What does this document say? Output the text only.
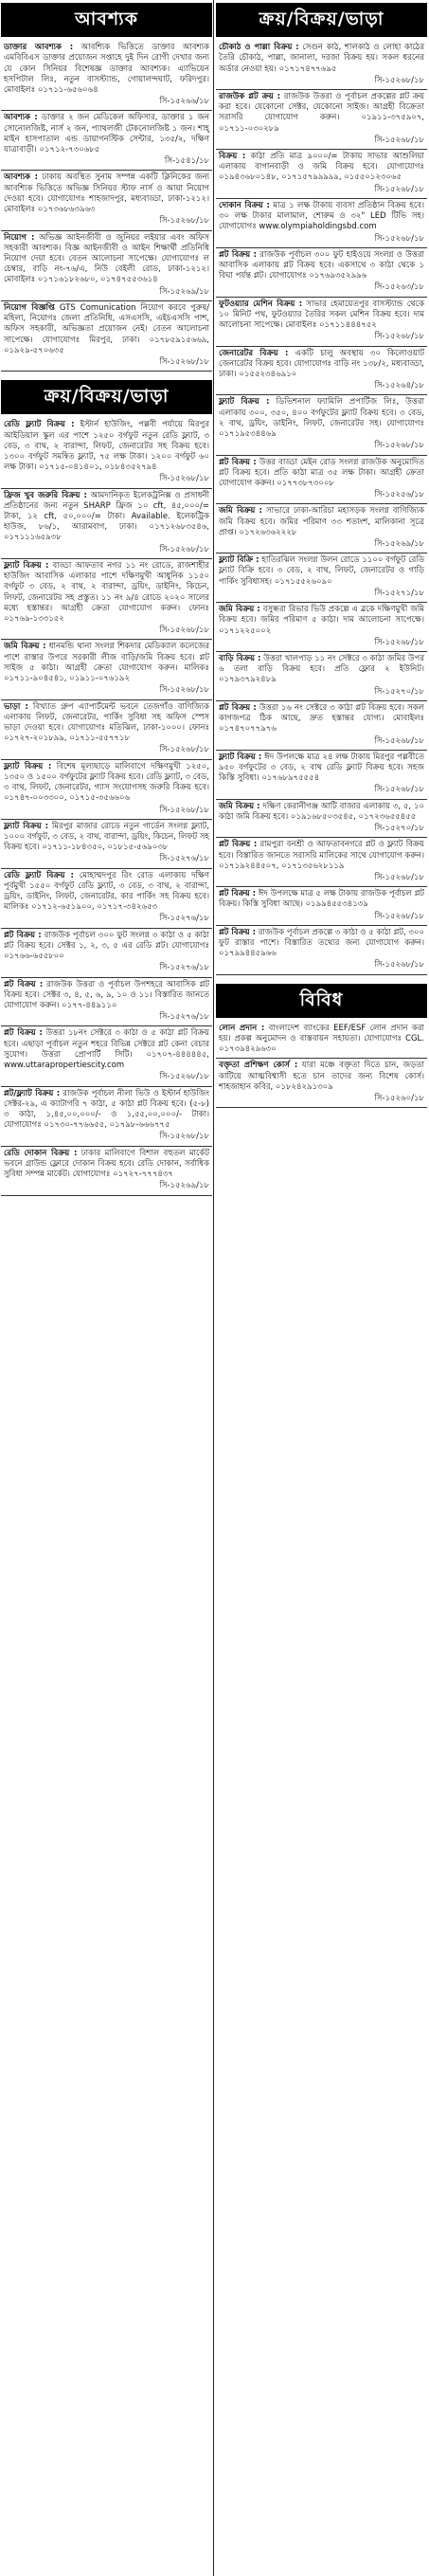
আবশ্যক
ডাক্তার আবশ্যক : আবশ্যিক ভিত্তিতে ডাক্তার আবশ্যক এমবিবিএস ডাক্তার প্রয়োজন সপ্তাহে দুই দিন রোগী দেখার জন্য যে কোন সিনিয়র বিশেষজ্ঞ ডাক্তার আবশ্যক। এ্যাভিয়েন হসপিটাল লিঃ, নতুন বাসস্ট্যান্ড, গোয়ালন্দঘাট, ফরিদপুর। মোবাইলঃ ০১৭১১-৬৫৬০৬৪
সি-১৫২৬৬/১৮
আবশ্যক : ডাক্তার ২ জন মেডিকেল অফিসার, ডাক্তার ১ জন সোনোলজিষ্ট, নার্স ২ জন, প্যাথলজী টেকনোলজিষ্ট ১ জন। শাহ্ মাইন হাসপাতাল এন্ড ডায়াগনস্টিক সেন্টার, ১৩৫/২, দক্ষিণ যাত্রাবাড়ী। ০১৭১২-৭৩০৬৮৫
সি-১৫৪১/১৮
আবশ্যক : ঢাকায় অবস্থিত সুনাম সম্পন্ন একটি ক্লিনিকের জন্য আবশ্যিক ভিত্তিতে অভিজ্ঞ সিনিয়র স্টাফ নার্স ও আয়া নিয়োগ দেওয়া হবে। যোগাযোগঃ শাহজাদপুর, মধ্যবাড্ডা, ঢাকা-১২১২। মোবাইলঃ ০১৭৩৬৮৬৩৯৬৩
সি-১৫২৬৮/১৮
নিয়োগ : অভিজ্ঞ আইনজীবী ও জুনিয়র লইয়ার এবং অফিস সহকারী আবশ্যক। বিজ্ঞ আইনজীবী ও আইন শিক্ষার্থী প্রতিনিধি নিয়োগ দেয়া হবে। বেতন আলোচনা সাপেক্ষে। যোগাযোগঃ ল চেম্বার, বাড়ি নং-৭৬/এ, নিউ বেইলী রোড, ঢাকা-১২১২। মোবাইলঃ ০১৭১৬১৮২৬৮০, ০১৭৪৭৫৫৩৬১৪
সি-১৫২৬৯/১৮
নিয়োগ বিজ্ঞপ্তি GTS Comunication নিয়োগ করবে পুরুষ/মহিলা, নিয়োগঃ জেলা প্রতিনিধি, এসএসসি, এইচএসসি পাশ, অফিস সহকারী, অভিজ্ঞতা প্রয়োজন নেই। বেতন আলোচনা সাপেক্ষে। যোগাযোগঃ মিরপুর, ঢাকা। ০১৭৮৫৯১৫৬৬৯, ০১৯২৯-৫৭০৬৩৫
সি-১৫২৬৮/১৮
ক্রয়/বিক্রয়/ভাড়া
রেডি ফ্ল্যাট বিক্রয় : ইস্টার্ন হাউজিং, পল্লবী পর্যায়ে মিরপুর আইডিয়াল স্কুল এর পাশে ১২৫০ বর্গফুট নতুন রেডি ফ্ল্যাট, ৩ বেড, ৩ বাথ, ২ বারান্দা, লিফট, জেনারেটর সহ বিক্রয় হবে। ১৩০০ বর্গফুট সমন্বিত ফ্ল্যাট, ৭৫ লক্ষ টাকা। ১২০০ বর্গফুট ৬০ লক্ষ টাকা। ০১৭১৫-০৪১৪০১, ০১৮৪৩৫২৭৯৪
সি-১৫২৬৮/১৮
ফ্রিজ খুব জরুরি বিক্রয় : আমদানিকৃত ইলেকট্রনিক্স ও প্রসাধনী প্রতিষ্ঠানের জন্য নতুন SHARP ফ্রিজ ১০ cft, ৪৫,০০০/= টাকা, ১২ cft, ৫০,০০০/= টাকা। Available. ইলেকট্রিক হাউজ, ৮৬/১, আরামবাগ, ঢাকা। ০১৭১২৬৮৩৫৪৬, ০১৭১১১৬৫৯৩৮
সি-১৫২৬৮/১৮
ফ্ল্যাট বিক্রয় : বাড্ডা আফতাব নগর ১১ নং রোডে, রাজশাহীর হাউজিং আবাসিক এলাকার পাশে দক্ষিণমুখী আধুনিক ১১৫০ বর্গফুট ৩ বেড, ২ বাথ, ২ বারান্দা, ড্রয়িং, ডাইনিং, কিচেন, লিফট, জেনারেটর সহ প্রস্তুত। ১১ নং ৯/৪ রোডে ২০২০ সালের মধ্যে হস্তান্তর। আগ্রহী ক্রেতা যোগাযোগ করুন। ফোনঃ ০১৭৬৯-১৩৩১৫২
সি-১৫২৬৮/১৮
জমি বিক্রয় : ধানমন্ডি থানা সংলগ্ন শিকদার মেডিক্যাল কলেজের পাশে রাস্তার উপরে সরকারী লীজ বাড়ি/জমি বিক্রয় হবে। প্লট সাইজ ৫ কাঠা। আগ্রহী ক্রেতা যোগাযোগ করুন। মালিকঃ ০১৭১১-৯০৪৫৪১, ০১৯১১-০৭৬১৯২
সি-১৫২৬৮/১৮
ভাড়া : বিখ্যাত গ্রুপ এ্যাপার্টমেন্ট ভবনে তেজগাঁও বাণিজ্যিক এলাকায় লিফট, জেনারেটর, পার্কিং সুবিধা সহ অফিস স্পেস ভাড়া দেওয়া হবে। যোগাযোগঃ মতিঝিল, ঢাকা-১০০০। ফোনঃ ০১৭২৭-২০১৮৯৯, ০১৭১১-৫৫৭৭১৮
সি-১৫২৬৮/১৮
ফ্ল্যাট বিক্রয় : বিশেষ মূল্যছাড়ে মালিবাগে দক্ষিণমুখী ১২৫০, ১৩৫০ ও ১৫০০ বর্গফুটের ফ্ল্যাট বিক্রয় হবে। রেডি ফ্ল্যাট, ৩ বেড, ৩ বাথ, লিফট, জেনারেটর, গ্যাস সংযোগসহ জরুরি বিক্রয় হবে। ০১৭৪৭-০০৩৩০০, ০১৭১৫-৩৫৬৬০৬
সি-১৫২৬৮/১৮
ফ্ল্যাট বিক্রয় : মিরপুর মাজার রোডে নতুন গার্ডেন সংলগ্ন ফ্ল্যাট, ১০০০ বর্গফুট, ৩ বেড, ২ বাথ, বারান্দা, ড্রয়িং, কিচেন, লিফট সহ বিক্রয় হবে। ০১৭১১-১৮৪৩৫০, ০১৮১৫-৫৬৯০৩৮
সি-১৫২৭৬/১৮
রেডি ফ্ল্যাট বিক্রয় : মোহাম্মদপুর রিং রোড এলাকায় দক্ষিণ পূর্বমুখী ১৫৫০ বর্গফুট রেডি ফ্ল্যাট, ৩ বেড, ৩ বাথ, ২ বারান্দা, ড্রয়িং, ডাইনিং, লিফট, জেনারেটর, কার পার্কিং সহ বিক্রয় হবে। মালিকঃ ০১৭১২-৬৫১৯০০, ০১৭১৭-৩৪২৬৫৩
সি-১৫২৭৬/১৮
প্লট বিক্রয় : রাজউক পূর্বাচল ৩০০ ফুট সংলগ্ন ৩ কাঠা ও ৫ কাঠা প্লট বিক্রয় হবে। সেক্টর ১, ২, ৩, ৫ এর রেডি প্লট। যোগাযোগঃ ০১৭৬৬-৬৫৫৮০০
সি-১৫২৭৬/১৮
প্লট বিক্রয় : রাজউক উত্তরা ও পূর্বাচল উপশহরে আবাসিক প্লট বিক্রয় হবে। সেক্টর ৩, ৪, ৫, ৬, ৯, ১০ ও ১১। বিস্তারিত জানতে যোগাযোগ করুন। ০১৭৭-৪৪৯১১০
সি-১৫২৭৬/১৮
প্লট বিক্রয় : উত্তরা ১৮নং সেক্টরে ৩ কাঠা ও ৫ কাঠা প্লট বিক্রয় হবে। এছাড়া পূর্বাচল নতুন শহরে বিভিন্ন সেক্টরে প্লট কেনা বেচার সুযোগ। উত্তরা প্রোপার্টি সিটি। ০১৭০৭-৪৪৪৪৪৫, www.uttarapropertiescity.com
সি-১৫২৬৮/১৮
প্লট/ফ্ল্যাট বিক্রয় : রাজউক পূর্বাচল নীলা ভিউ ও ইস্টার্ন হাউজিং সেক্টর-২৯, এ ক্যাটাগরি ৭ কাঠা, ৫ কাঠা প্লট বিক্রয় হবে। (৫-৮) ৩ কাঠা, ১,৪৫,০০,০০০/- ও ১,৫৫,০০,০০০/- টাকা। যোগাযোগঃ ০১৭৩০-৭৭৬৬৫৫, ০১৭৯৮-৬৬৬৭৭৫
সি-১৫২৬৮/১৮
রেডি দোকান বিক্রয় : ঢাকার মালিবাগে বিশাল বহুতল মার্কেট ভবনে গ্রাউন্ড ফ্লোরে দোকান বিক্রয় হবে। রেডি দোকান, সর্বাধিক সুবিধা সম্পন্ন মার্কেট। যোগাযোগঃ ০১৭২৭-৭৭৭৪৩৭
সি-১৫২৬৯/১৮
ক্রয়/বিক্রয়/ভাড়া
চৌকাঠ ও পাল্লা বিক্রয় : সেগুন কাঠ, শালকাঠ ও লোহা কাঠের তৈরি চৌকাঠ, পাল্লা, জানালা, দরজা বিক্রয় হয়। সকল ধরনের অর্ডার নেওয়া হয়। ০১৭১৭৪৭৭৬৯৫
সি-১৫২৬৮/১৮
রাজউক প্লট ক্রয় : রাজউক উত্তরা ও পূর্বাচল প্রকল্পের প্লট ক্রয় করা হবে। যেকোনো সেক্টর, যেকোনো সাইজ। আগ্রহী বিক্রেতা সরাসরি যোগাযোগ করুন। ০১৯১১-৩৭৫৯০৭, ০১৭১১-০৩০২৮৯
সি-১৫২৬৮/১৮
বিক্রয় : কাঠা প্রতি মাত্র ৯০০০/= টাকায় সাভার আশুলিয়া এলাকায় বাগানবাড়ী ও জমি বিক্রয় হবে। যোগাযোগঃ ০১৯৪৩৬৮০১৪৮, ০১৭১৫৭৯৯৯৯৯, ০১৫৫০১২৩০৬৫
সি-১৫২৬৮/১৮
দোকান বিক্রয় : মাত্র ১ লক্ষ টাকায় ব্যবসা প্রতিষ্ঠান বিক্রয় হবে। ৩০ লক্ষ টাকার মালামাল, শোরুম ও ৩২" LED টিভি সহ। যোগাযোগঃ www.olympiaholdingsbd.com
সি-১৫২৬৮/১৮
প্লট বিক্রয় : রাজউক পূর্বাচল ৩০০ ফুট হাইওয়ে সংলগ্ন ও উত্তরা আবাসিক এলাকায় প্লট বিক্রয় হবে। একসাথে ৩ কাঠা থেকে ১ বিঘা পর্যন্ত প্লট। যোগাযোগঃ ০১৭৬৯৩৫২৯৯৬
সি-১৫২৬৩/১৮
ফুটওয়্যার মেশিন বিক্রয় : সাভার হেমায়েতপুর বাসস্ট্যান্ড থেকে ১০ মিনিট পথ, ফুটওয়্যার তৈরির সকল মেশিন বিক্রয় হবে। দাম আলোচনা সাপেক্ষে। মোবাইলঃ ০১৭১১৪৪৪৭৫২
সি-১৫২৬৮/১৮
জেনারেটর বিক্রয় : একটি চালু অবস্থায় ৩০ কিলোওয়াট জেনারেটর বিক্রয় হবে। যোগাযোগঃ বাড়ি নং ১৩৮/২, মধ্যবাড্ডা, ঢাকা। ০১৫৫২৩৪৬৯১০
সি-১৫২৬৪/১৮
ফ্ল্যাট বিক্রয় : ডিভিশনাল ফ্যামিলি প্রপার্টিজ লিঃ, উত্তরা এলাকায় ৩০০, ৩৫০, ৪০০ বর্গফুটের ফ্ল্যাট বিক্রয় হবে। ৩ বেড, ২ বাথ, ড্রয়িং, ডাইনিং, লিফট, জেনারেটর সহ। যোগাযোগঃ ০১৭১৯৫৩৪৪৬৯
সি-১৫২৬৮/১৮
প্লট বিক্রয় : উত্তর বাড্ডা মেইন রোড সংলগ্ন রাজউক অনুমোদিত প্লট বিক্রয় হবে। প্রতি কাঠা মাত্র ৩৫ লক্ষ টাকা। আগ্রহী ক্রেতা যোগাযোগ করুন। ০১৭৭৩৮৭৩০০৮
সি-১৫২৫৬/১৮
জমি বিক্রয় : সাভারে ঢাকা-আরিচা মহাসড়ক সংলগ্ন বাণিজ্যিক জমি বিক্রয় হবে। জমির পরিমাণ ৩৩ শতাংশ, মালিকানা সূত্রে প্রাপ্ত। ০১৭২৬৩৬২২২৮
সি-১৫২৬৯/১৮
ফ্ল্যাট বিক্রি : হাতিরঝিল সংলগ্ন উলন রোডে ১১০০ বর্গফুট রেডি ফ্ল্যাট বিক্রি হবে। ৩ বেড, ২ বাথ, লিফট, জেনারেটর ও গাড়ি পার্কিং সুবিধাসহ। ০১৭১৫৫২৬০৯০
সি-১৫২৭১/১৮
জমি বিক্রয় : বসুন্ধরা রিভার ভিউ প্রকল্পে এ ব্লকে দক্ষিণমুখী জমি বিক্রয় হবে। জমির পরিমাণ ৫ কাঠা। দাম আলোচনা সাপেক্ষে। ০১৭১২২৫০০২
সি-১৫২৬৮/১৮
বাড়ি বিক্রয় : উত্তরা খালপাড় ১১ নং সেক্টরে ৩ কাঠা জমির উপর ৬ তলা বাড়ি বিক্রয় হবে। প্রতি ফ্লোর ২ ইউনিট। ০১৭৯৩৭৯২৪৮৯
সি-১৫২৭০/১৮
প্লট বিক্রয় : উত্তরা ১৬ নং সেক্টরে ৩ কাঠা প্লট বিক্রয় হবে। সকল কাগজপত্র ঠিক আছে, দ্রুত হস্তান্তর যোগ্য। মোবাইলঃ ০১৭৪৭০৭৭৯৭৬
সি-১৫২৬৮/১৮
ফ্ল্যাট বিক্রয় : ঈদ উপলক্ষে মাত্র ২৪ লক্ষ টাকায় মিরপুর পল্লবীতে ৯৫০ বর্গফুটের ৩ বেড, ২ বাথ রেডি ফ্ল্যাট বিক্রয় হবে। সহজ কিস্তি সুবিধা। ০১৭৬৮৯৭৫৫৫৪
সি-১৫২৬৮/১৮
জমি বিক্রয় : দক্ষিণ কেরানীগঞ্জ আটি বাজার এলাকায় ৩, ৫, ১০ কাঠা জমি বিক্রয় হবে। ০১৯১৬৮৫০৩৫৪৫, ০১৭২৩৬৫৫৪৫৫
সি-১৫২৭০/১৮
প্লট বিক্রয় : রামপুরা বনশ্রী ও আফতাবনগরে প্লট ও ফ্ল্যাট বিক্রয় হবে। বিস্তারিত জানতে সরাসরি মালিকের সাথে যোগাযোগ করুন। ০১৭১৯২৪৪৫০৭, ০১৭১৩৫৬২৮১১৯
সি-১৫২৬৮/১৮
প্লট বিক্রয় : ঈদ উপলক্ষে মাত্র ৫ লক্ষ টাকায় রাজউক পূর্বাচল প্লট বিক্রয়। কিস্তি সুবিধা আছে। ০১৯৯৪৫৫৩৪১৩৯
সি-১৫২৬৮/১৮
প্লট বিক্রয় : রাজউক পূর্বাচল প্রকল্পে ৩ কাঠা ও ৫ কাঠা প্লট, ৩০০ ফুট রাস্তার পাশে। বিস্তারিত তথ্যের জন্য যোগাযোগ করুন। ০১৭৯৯৪৪৫৯৬৬
সি-১৫২৬৮/১৮
বিবিধ
লোন প্রদান : বাংলাদেশ ব্যাংকের EEF/ESF লোন প্রদান করা হয়। প্রকল্প অনুমোদন ও বাস্তবায়ন সহায়তা। যোগাযোগঃ CGL. ০১৭৩৯৪২৯৬৩০
বক্তৃতা প্রশিক্ষণ কোর্স : যারা মঞ্চে বক্তৃতা দিতে চান, জড়তা কাটিয়ে আত্মবিশ্বাসী হতে চান তাদের জন্য বিশেষ কোর্স। শাহজাহান কবির, ০১৮২৪২৯১৩০৯
সি-১৫২৬০/১৮
